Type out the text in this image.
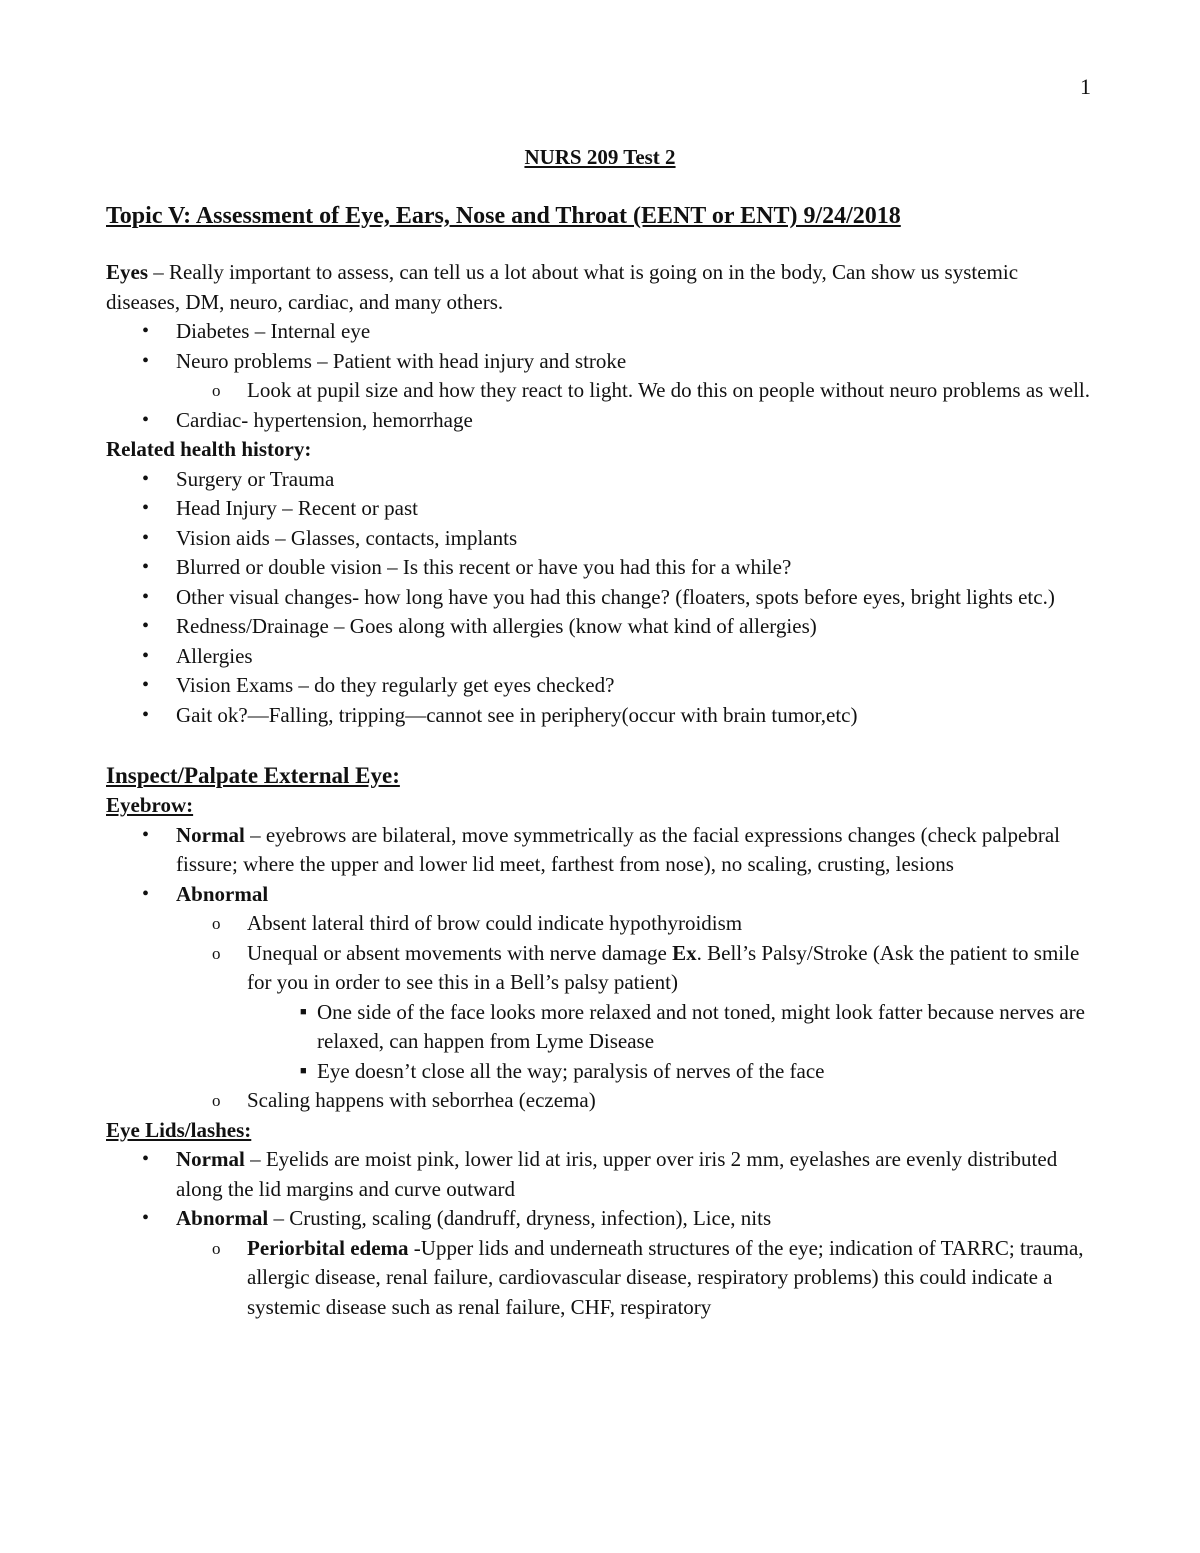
1
NURS 209 Test 2
Topic V: Assessment of Eye, Ears, Nose and Throat (EENT or ENT) 9/24/2018

Eyes – Really important to assess, can tell us a lot about what is going on in the body, Can show us systemic diseases, DM, neuro, cardiac, and many others.

• Diabetes – Internal eye
• Neuro problems – Patient with head injury and stroke
o Look at pupil size and how they react to light. We do this on people without neuro problems as well.
• Cardiac- hypertension, hemorrhage

Related health history:

• Surgery or Trauma
• Head Injury – Recent or past
• Vision aids – Glasses, contacts, implants
• Blurred or double vision – Is this recent or have you had this for a while?
• Other visual changes- how long have you had this change? (floaters, spots before eyes, bright lights etc.)
• Redness/Drainage – Goes along with allergies (know what kind of allergies)
• Allergies
• Vision Exams – do they regularly get eyes checked?
• Gait ok?—Falling, tripping—cannot see in periphery(occur with brain tumor,etc)
Inspect/Palpate External Eye:

Eyebrow:

• Normal – eyebrows are bilateral, move symmetrically as the facial expressions changes (check palpebral fissure; where the upper and lower lid meet, farthest from nose), no scaling, crusting, lesions
• Abnormal
o Absent lateral third of brow could indicate hypothyroidism
o Unequal or absent movements with nerve damage Ex. Bell’s Palsy/Stroke (Ask the patient to smile for you in order to see this in a Bell’s palsy patient)
■ One side of the face looks more relaxed and not toned, might look fatter because nerves are relaxed, can happen from Lyme Disease
■ Eye doesn’t close all the way; paralysis of nerves of the face
o Scaling happens with seborrhea (eczema)

Eye Lids/lashes:

• Normal – Eyelids are moist pink, lower lid at iris, upper over iris 2 mm, eyelashes are evenly distributed along the lid margins and curve outward
• Abnormal – Crusting, scaling (dandruff, dryness, infection), Lice, nits
o Periorbital edema -Upper lids and underneath structures of the eye; indication of TARRC; trauma, allergic disease, renal failure, cardiovascular disease, respiratory problems) this could indicate a systemic disease such as renal failure, CHF, respiratory
